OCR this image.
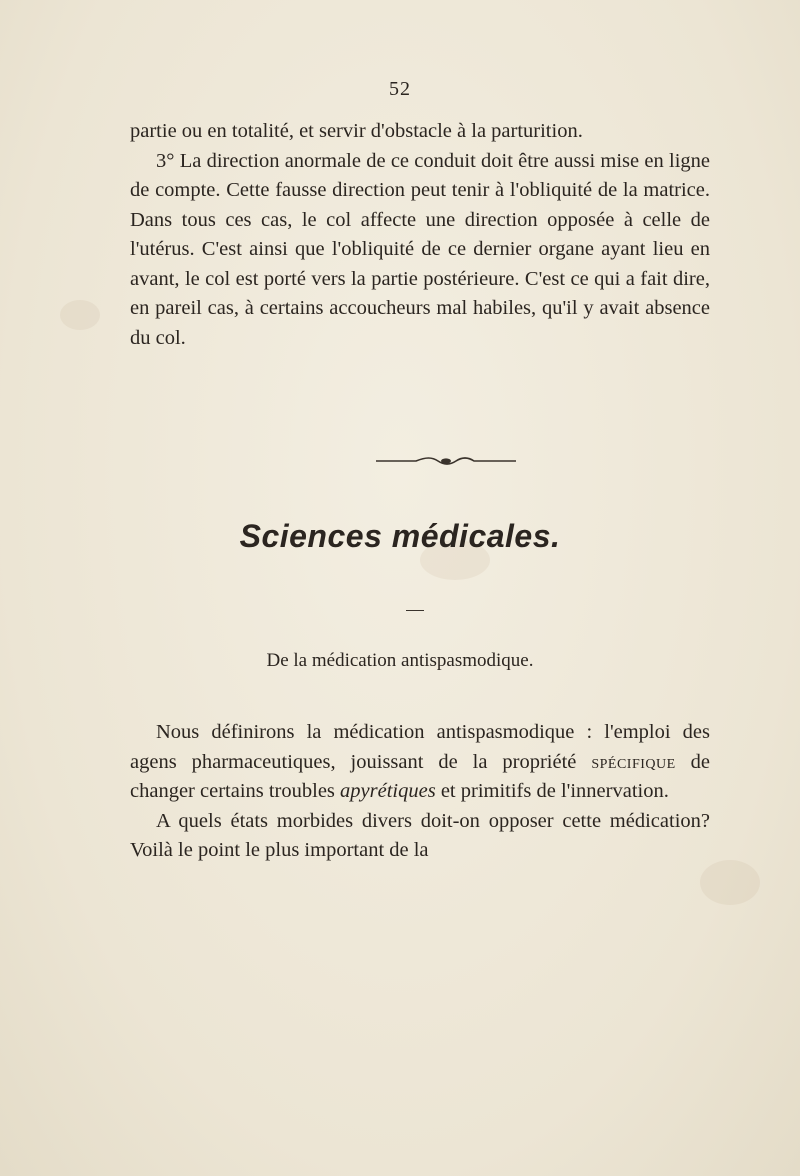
52

partie ou en totalité, et servir d'obstacle à la parturition.

3° La direction anormale de ce conduit doit être aussi mise en ligne de compte. Cette fausse direction peut tenir à l'obliquité de la matrice. Dans tous ces cas, le col affecte une direction opposée à celle de l'utérus. C'est ainsi que l'obliquité de ce dernier organe ayant lieu en avant, le col est porté vers la partie postérieure. C'est ce qui a fait dire, en pareil cas, à certains accoucheurs mal habiles, qu'il y avait absence du col.

Sciences médicales.
De la médication antispasmodique.

Nous définirons la médication antispasmodique : l'emploi des agens pharmaceutiques, jouissant de la propriété spécifique de changer certains troubles apyrétiques et primitifs de l'innervation.

A quels états morbides divers doit-on opposer cette médication? Voilà le point le plus important de la
